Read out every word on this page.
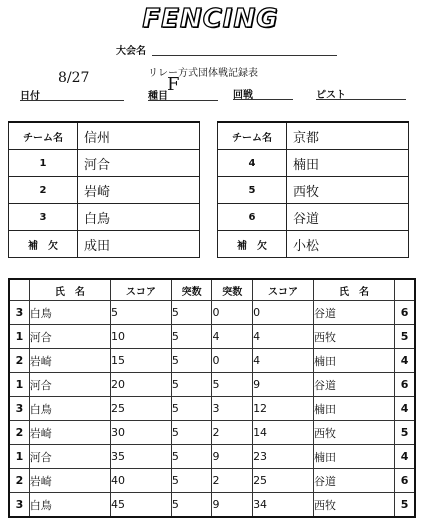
FENCING
大会名
リレー方式団体戦記録表
8/27
日付
F
種目	回戦	ピスト
チーム名	信州
1	河合
2	岩崎
3	白鳥
補　欠	成田
チーム名	京都
4	楠田
5	西牧
6	谷道
補　欠	小松
	氏　名	スコア	突数	突数	スコア	氏　名	
3	白鳥	5	5	0	0	谷道	6
1	河合	10	5	4	4	西牧	5
2	岩崎	15	5	0	4	楠田	4
1	河合	20	5	5	9	谷道	6
3	白鳥	25	5	3	12	楠田	4
2	岩崎	30	5	2	14	西牧	5
1	河合	35	5	9	23	楠田	4
2	岩崎	40	5	2	25	谷道	6
3	白鳥	45	5	9	34	西牧	5
